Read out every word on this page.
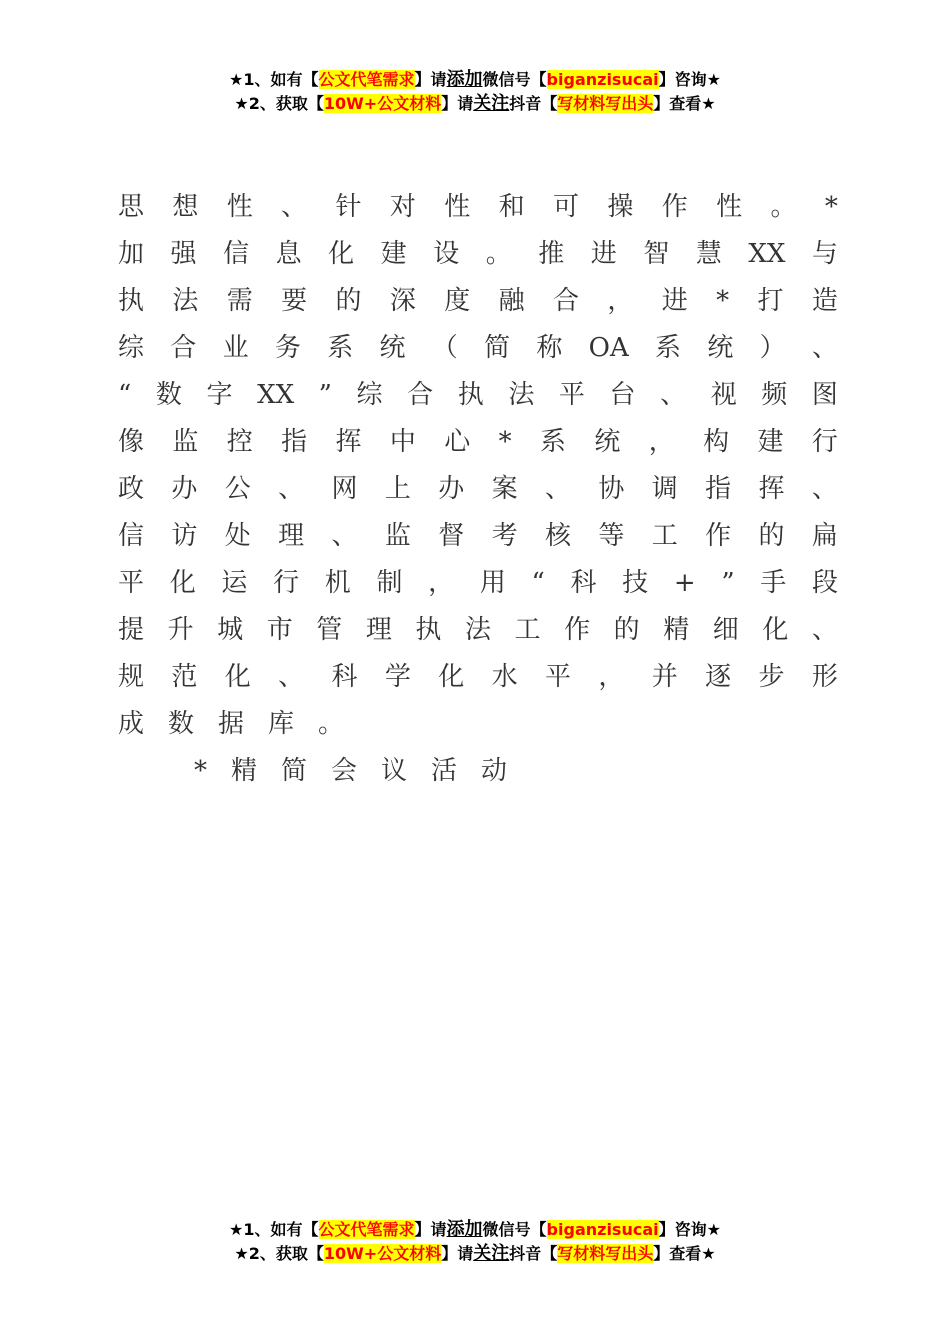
★1、如有【公文代笔需求】请添加微信号【biganzisucai】咨询★
★2、获取【10W+公文材料】请关注抖音【写材料写出头】查看★
思 想 性 、 针 对 性 和 可 操 作 性 。 *
加 强 信 息 化 建 设 。 推 进 智 慧 XX 与
执 法 需 要 的 深 度 融 合 ， 进 * 打 造
综 合 业 务 系 统 （ 简 称 OA 系 统 ） 、
“ 数 字 XX ” 综 合 执 法 平 台 、 视 频 图
像 监 控 指 挥 中 心 * 系 统 ， 构 建 行
政 办 公 、 网 上 办 案 、 协 调 指 挥 、
信 访 处 理 、 监 督 考 核 等 工 作 的 扁
平 化 运 行 机 制 ， 用 “ 科 技 + ” 手 段
提 升 城 市 管 理 执 法 工 作 的 精 细 化 、
规 范 化 、 科 学 化 水 平 ， 并 逐 步 形
成数据库。
*精简会议活动
★1、如有【公文代笔需求】请添加微信号【biganzisucai】咨询★
★2、获取【10W+公文材料】请关注抖音【写材料写出头】查看★
